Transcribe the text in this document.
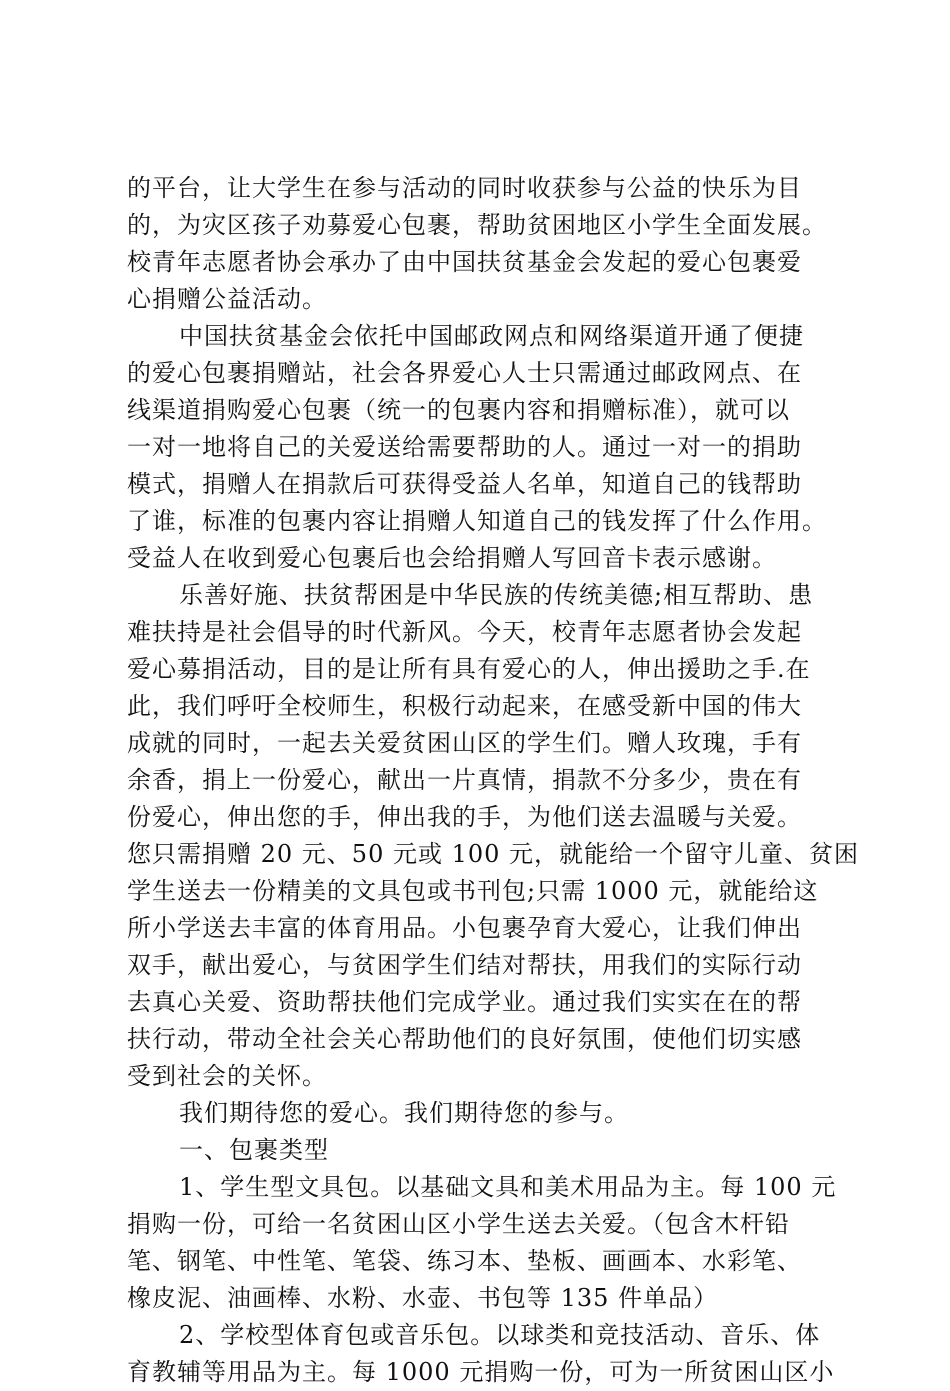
的平台，让大学生在参与活动的同时收获参与公益的快乐为目
的，为灾区孩子劝募爱心包裹，帮助贫困地区小学生全面发展。
校青年志愿者协会承办了由中国扶贫基金会发起的爱心包裹爱
心捐赠公益活动。
中国扶贫基金会依托中国邮政网点和网络渠道开通了便捷
的爱心包裹捐赠站，社会各界爱心人士只需通过邮政网点、在
线渠道捐购爱心包裹（统一的包裹内容和捐赠标准），就可以
一对一地将自己的关爱送给需要帮助的人。通过一对一的捐助
模式，捐赠人在捐款后可获得受益人名单，知道自己的钱帮助
了谁，标准的包裹内容让捐赠人知道自己的钱发挥了什么作用。
受益人在收到爱心包裹后也会给捐赠人写回音卡表示感谢。
乐善好施、扶贫帮困是中华民族的传统美德;相互帮助、患
难扶持是社会倡导的时代新风。今天，校青年志愿者协会发起
爱心募捐活动，目的是让所有具有爱心的人，伸出援助之手.在
此，我们呼吁全校师生，积极行动起来，在感受新中国的伟大
成就的同时，一起去关爱贫困山区的学生们。赠人玫瑰，手有
余香，捐上一份爱心，献出一片真情，捐款不分多少，贵在有
份爱心，伸出您的手，伸出我的手，为他们送去温暖与关爱。
您只需捐赠 20 元、50 元或 100 元，就能给一个留守儿童、贫困
学生送去一份精美的文具包或书刊包;只需 1000 元，就能给这
所小学送去丰富的体育用品。小包裹孕育大爱心，让我们伸出
双手，献出爱心，与贫困学生们结对帮扶，用我们的实际行动
去真心关爱、资助帮扶他们完成学业。通过我们实实在在的帮
扶行动，带动全社会关心帮助他们的良好氛围，使他们切实感
受到社会的关怀。
我们期待您的爱心。我们期待您的参与。
一、包裹类型
1、学生型文具包。以基础文具和美术用品为主。每 100 元
捐购一份，可给一名贫困山区小学生送去关爱。（包含木杆铅
笔、钢笔、中性笔、笔袋、练习本、垫板、画画本、水彩笔、
橡皮泥、油画棒、水粉、水壶、书包等 135 件单品）
2、学校型体育包或音乐包。以球类和竞技活动、音乐、体
育教辅等用品为主。每 1000 元捐购一份，可为一所贫困山区小
